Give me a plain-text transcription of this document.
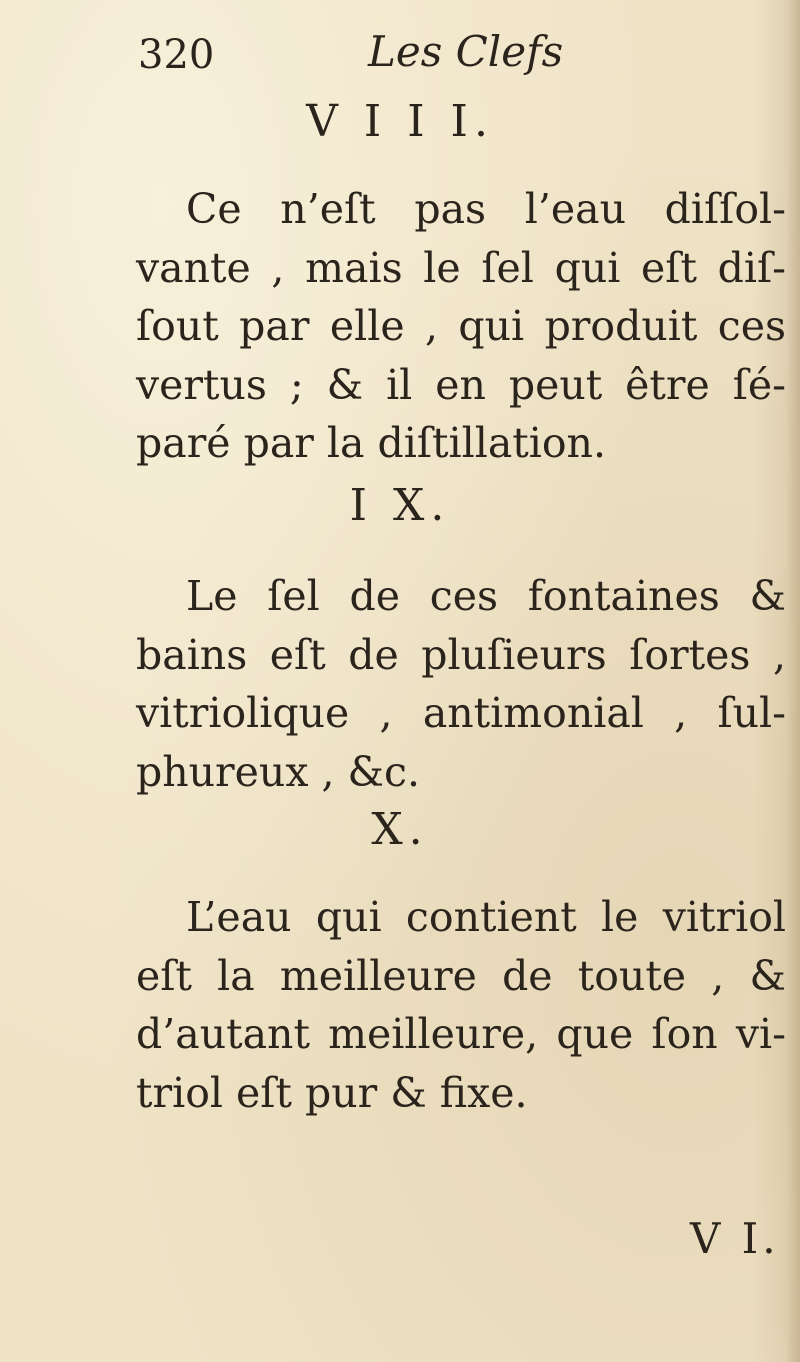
320	Les Clefs
V I I I.

Ce n’eſt pas l’eau diſſol-
vante , mais le ſel qui eſt diſ-
ſout par elle , qui produit ces
vertus ; & il en peut être ſé-
paré par la diſtillation.

I X.

Le ſel de ces fontaines &
bains eſt de pluſieurs ſortes ,
vitriolique , antimonial , ſul-
phureux , &c.

X.

L’eau qui contient le vitriol
eſt la meilleure de toute , &
d’autant meilleure, que ſon vi-
triol eſt pur & fixe.

V I.
